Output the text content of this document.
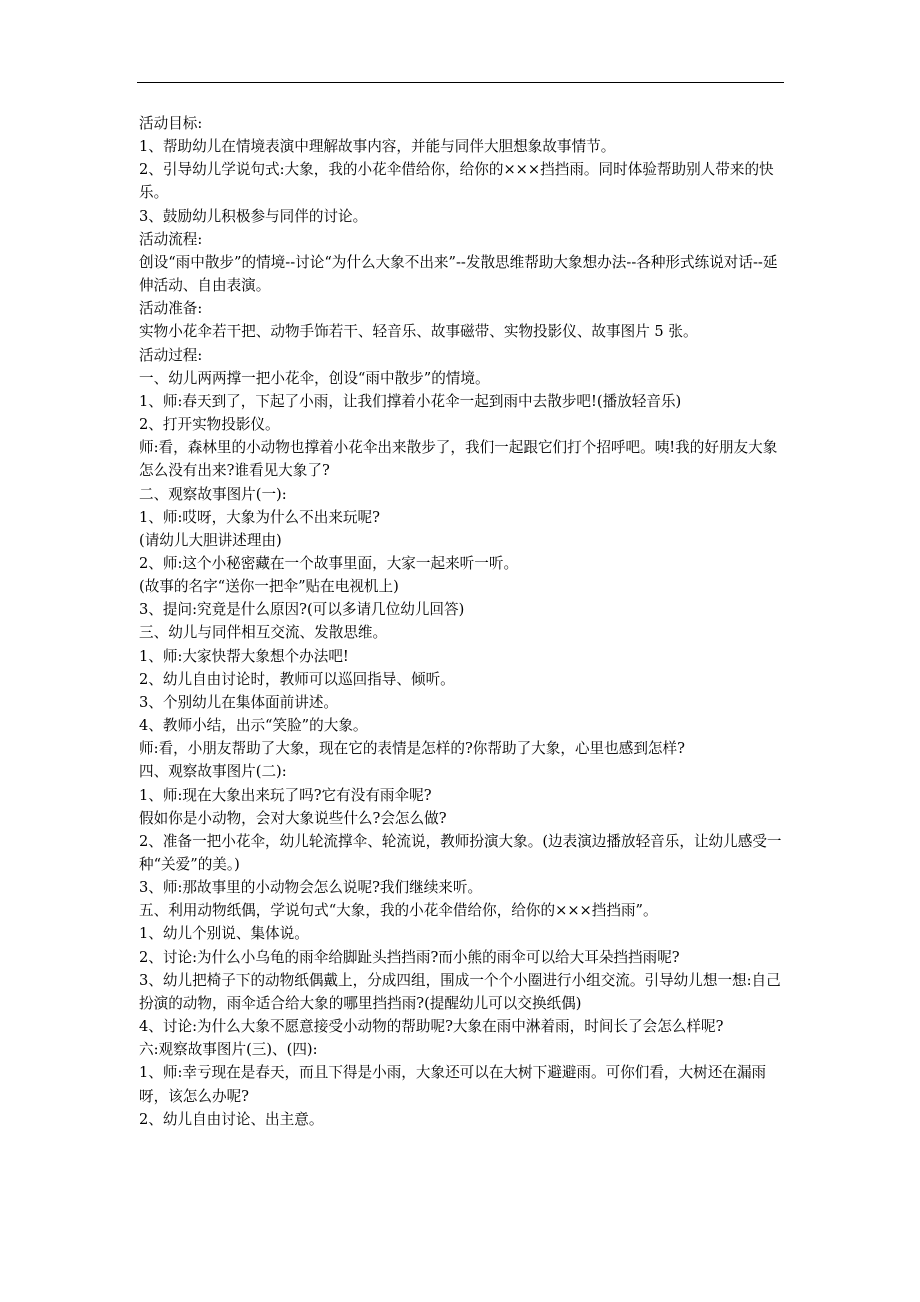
活动目标:

1、帮助幼儿在情境表演中理解故事内容，并能与同伴大胆想象故事情节。

2、引导幼儿学说句式:大象，我的小花伞借给你，给你的×××挡挡雨。同时体验帮助别人带来的快乐。

3、鼓励幼儿积极参与同伴的讨论。

活动流程:

创设“雨中散步”的情境--讨论“为什么大象不出来”--发散思维帮助大象想办法--各种形式练说对话--延伸活动、自由表演。

活动准备:

实物小花伞若干把、动物手饰若干、轻音乐、故事磁带、实物投影仪、故事图片 5 张。

活动过程:

一、幼儿两两撑一把小花伞，创设“雨中散步”的情境。

1、师:春天到了，下起了小雨，让我们撑着小花伞一起到雨中去散步吧!(播放轻音乐)

2、打开实物投影仪。

师:看，森林里的小动物也撑着小花伞出来散步了，我们一起跟它们打个招呼吧。咦!我的好朋友大象怎么没有出来?谁看见大象了?

二、观察故事图片(一):

1、师:哎呀，大象为什么不出来玩呢?

(请幼儿大胆讲述理由)

2、师:这个小秘密藏在一个故事里面，大家一起来听一听。

(故事的名字“送你一把伞”贴在电视机上)

3、提问:究竟是什么原因?(可以多请几位幼儿回答)

三、幼儿与同伴相互交流、发散思维。

1、师:大家快帮大象想个办法吧!

2、幼儿自由讨论时，教师可以巡回指导、倾听。

3、个别幼儿在集体面前讲述。

4、教师小结，出示“笑脸”的大象。

师:看，小朋友帮助了大象，现在它的表情是怎样的?你帮助了大象，心里也感到怎样?

四、观察故事图片(二):

1、师:现在大象出来玩了吗?它有没有雨伞呢?

假如你是小动物，会对大象说些什么?会怎么做?

2、准备一把小花伞，幼儿轮流撑伞、轮流说，教师扮演大象。(边表演边播放轻音乐，让幼儿感受一种“关爱”的美。)

3、师:那故事里的小动物会怎么说呢?我们继续来听。

五、利用动物纸偶，学说句式“大象，我的小花伞借给你，给你的×××挡挡雨”。

1、幼儿个别说、集体说。

2、讨论:为什么小乌龟的雨伞给脚趾头挡挡雨?而小熊的雨伞可以给大耳朵挡挡雨呢?

3、幼儿把椅子下的动物纸偶戴上，分成四组，围成一个个小圈进行小组交流。引导幼儿想一想:自己扮演的动物，雨伞适合给大象的哪里挡挡雨?(提醒幼儿可以交换纸偶)

4、讨论:为什么大象不愿意接受小动物的帮助呢?大象在雨中淋着雨，时间长了会怎么样呢?

六:观察故事图片(三)、(四):

1、师:幸亏现在是春天，而且下得是小雨，大象还可以在大树下避避雨。可你们看，大树还在漏雨呀，该怎么办呢?

2、幼儿自由讨论、出主意。
